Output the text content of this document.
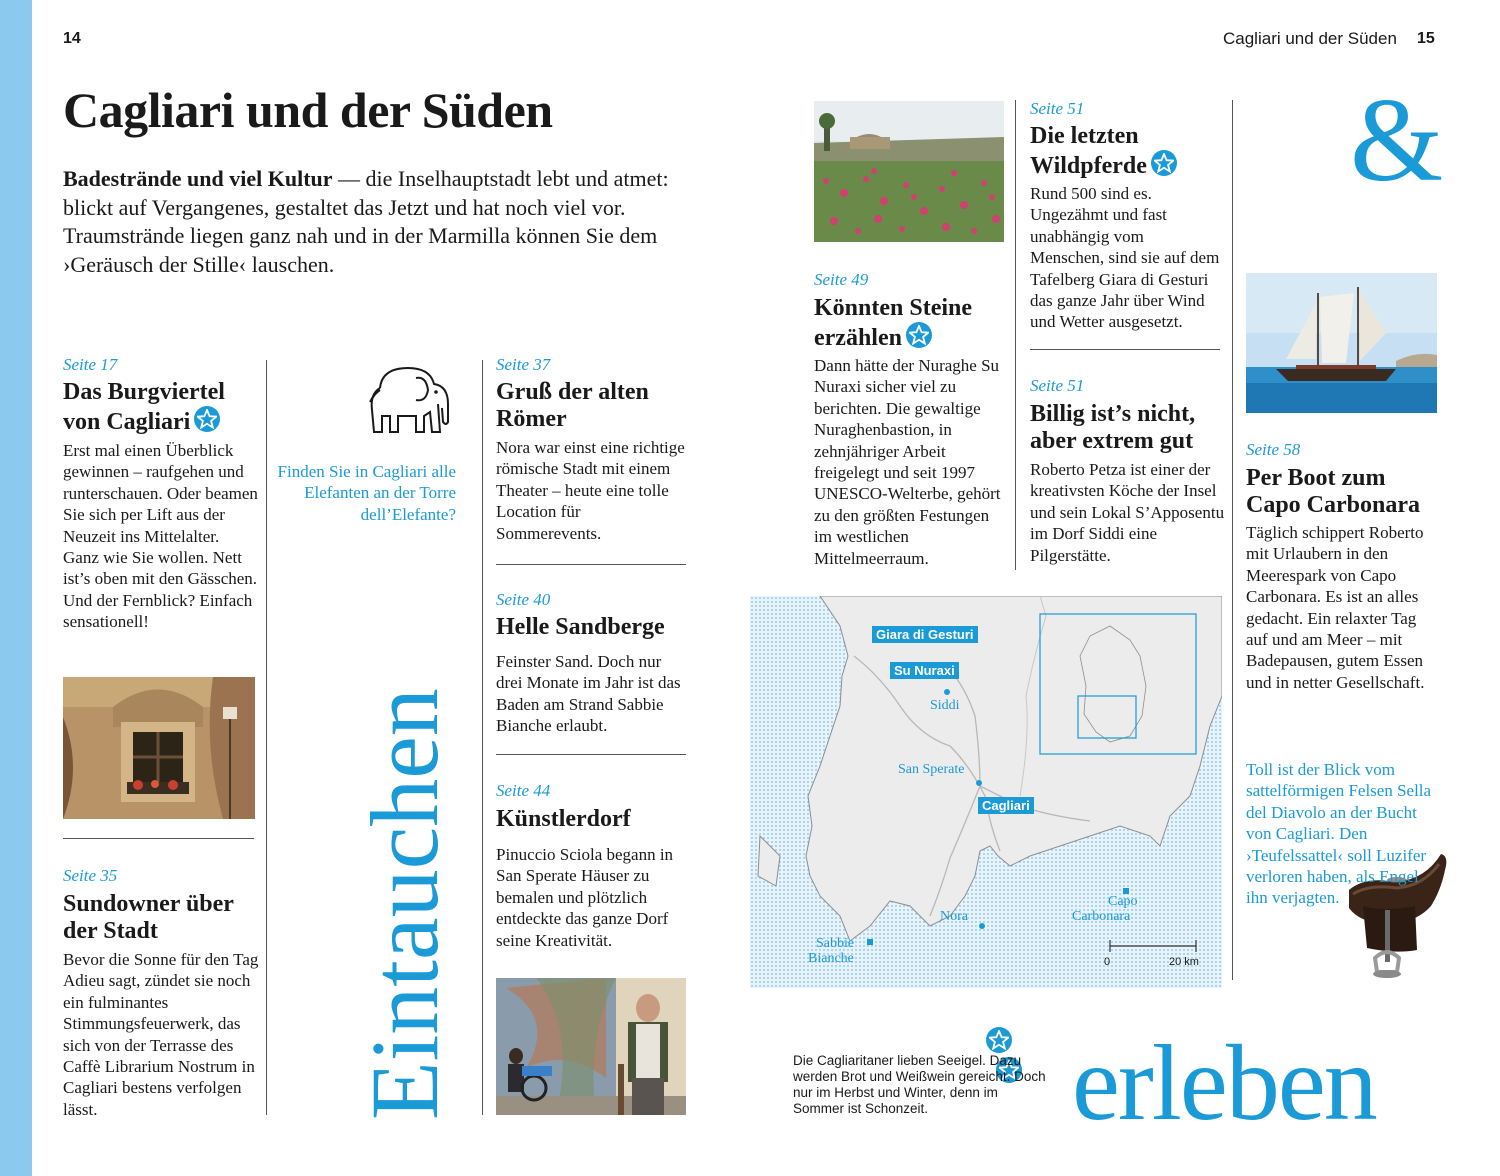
14	Cagliari und der Süden 15
Cagliari und der Süden

Badestrände und viel Kultur — die Inselhauptstadt lebt und atmet: blickt auf Vergangenes, gestaltet das Jetzt und hat noch viel vor. Traumstrände liegen ganz nah und in der Marmilla können Sie dem ›Geräusch der Stille‹ lauschen.

Seite 17
Das Burgviertel
von Cagliari

Erst mal einen Überblick gewinnen – raufgehen und runterschauen. Oder beamen Sie sich per Lift aus der Neuzeit ins Mittelalter. Ganz wie Sie wollen. Nett ist’s oben mit den Gässchen. Und der Fernblick? Einfach sensationell!

Seite 35
Sundowner über
der Stadt

Bevor die Sonne für den Tag Adieu sagt, zündet sie noch ein fulminantes Stimmungsfeuerwerk, das sich von der Terrasse des Caffè Librarium Nostrum in Cagliari bestens verfolgen lässt.

Finden Sie in Cagliari alle Elefanten an der Torre dell’Elefante?

Eintauchen
Seite 37
Gruß der alten
Römer

Nora war einst eine richtige römische Stadt mit einem Theater – heute eine tolle Location für Sommerevents.

Seite 40
Helle Sandberge

Feinster Sand. Doch nur drei Monate im Jahr ist das Baden am Strand Sabbie Bianche erlaubt.

Seite 44
Künstlerdorf

Pinuccio Sciola begann in San Sperate Häuser zu bemalen und plötzlich entdeckte das ganze Dorf seine Kreativität.

Seite 49
Könnten Steine
erzählen

Dann hätte der Nuraghe Su Nuraxi sicher viel zu berichten. Die gewaltige Nuraghenbastion, in zehnjähriger Arbeit freigelegt und seit 1997 UNESCO-Welterbe, gehört zu den größten Festungen im westlichen Mittelmeerraum.

Seite 51
Die letzten
Wildpferde

Rund 500 sind es. Ungezähmt und fast unabhängig vom Menschen, sind sie auf dem Tafelberg Giara di Gesturi das ganze Jahr über Wind und Wetter ausgesetzt.

Seite 51
Billig ist’s nicht,
aber extrem gut

Roberto Petza ist einer der kreativsten Köche der Insel und sein Lokal S’Apposentu im Dorf Siddi eine Pilgerstätte.

&
Seite 58
Per Boot zum
Capo Carbonara

Täglich schippert Roberto mit Urlaubern in den Meerespark von Capo Carbonara. Es ist an alles gedacht. Ein relaxter Tag auf und am Meer – mit Badepausen, gutem Essen und in netter Gesellschaft.

Toll ist der Blick vom sattelförmigen Felsen Sella del Diavolo an der Bucht von Cagliari. Den ›Teufelssattel‹ soll Luzifer verloren haben, als Engel ihn verjagten.

Giara di Gesturi

Su Nuraxi

Siddi
San Sperate
Cagliari
Capo
Carbonara
Nora
Sabbie
Bianche	0	20 km

Die Cagliaritaner lieben Seeigel. Dazu werden Brot und Weißwein gereicht. Doch nur im Herbst und Winter, denn im Sommer ist Schonzeit.	erleben
